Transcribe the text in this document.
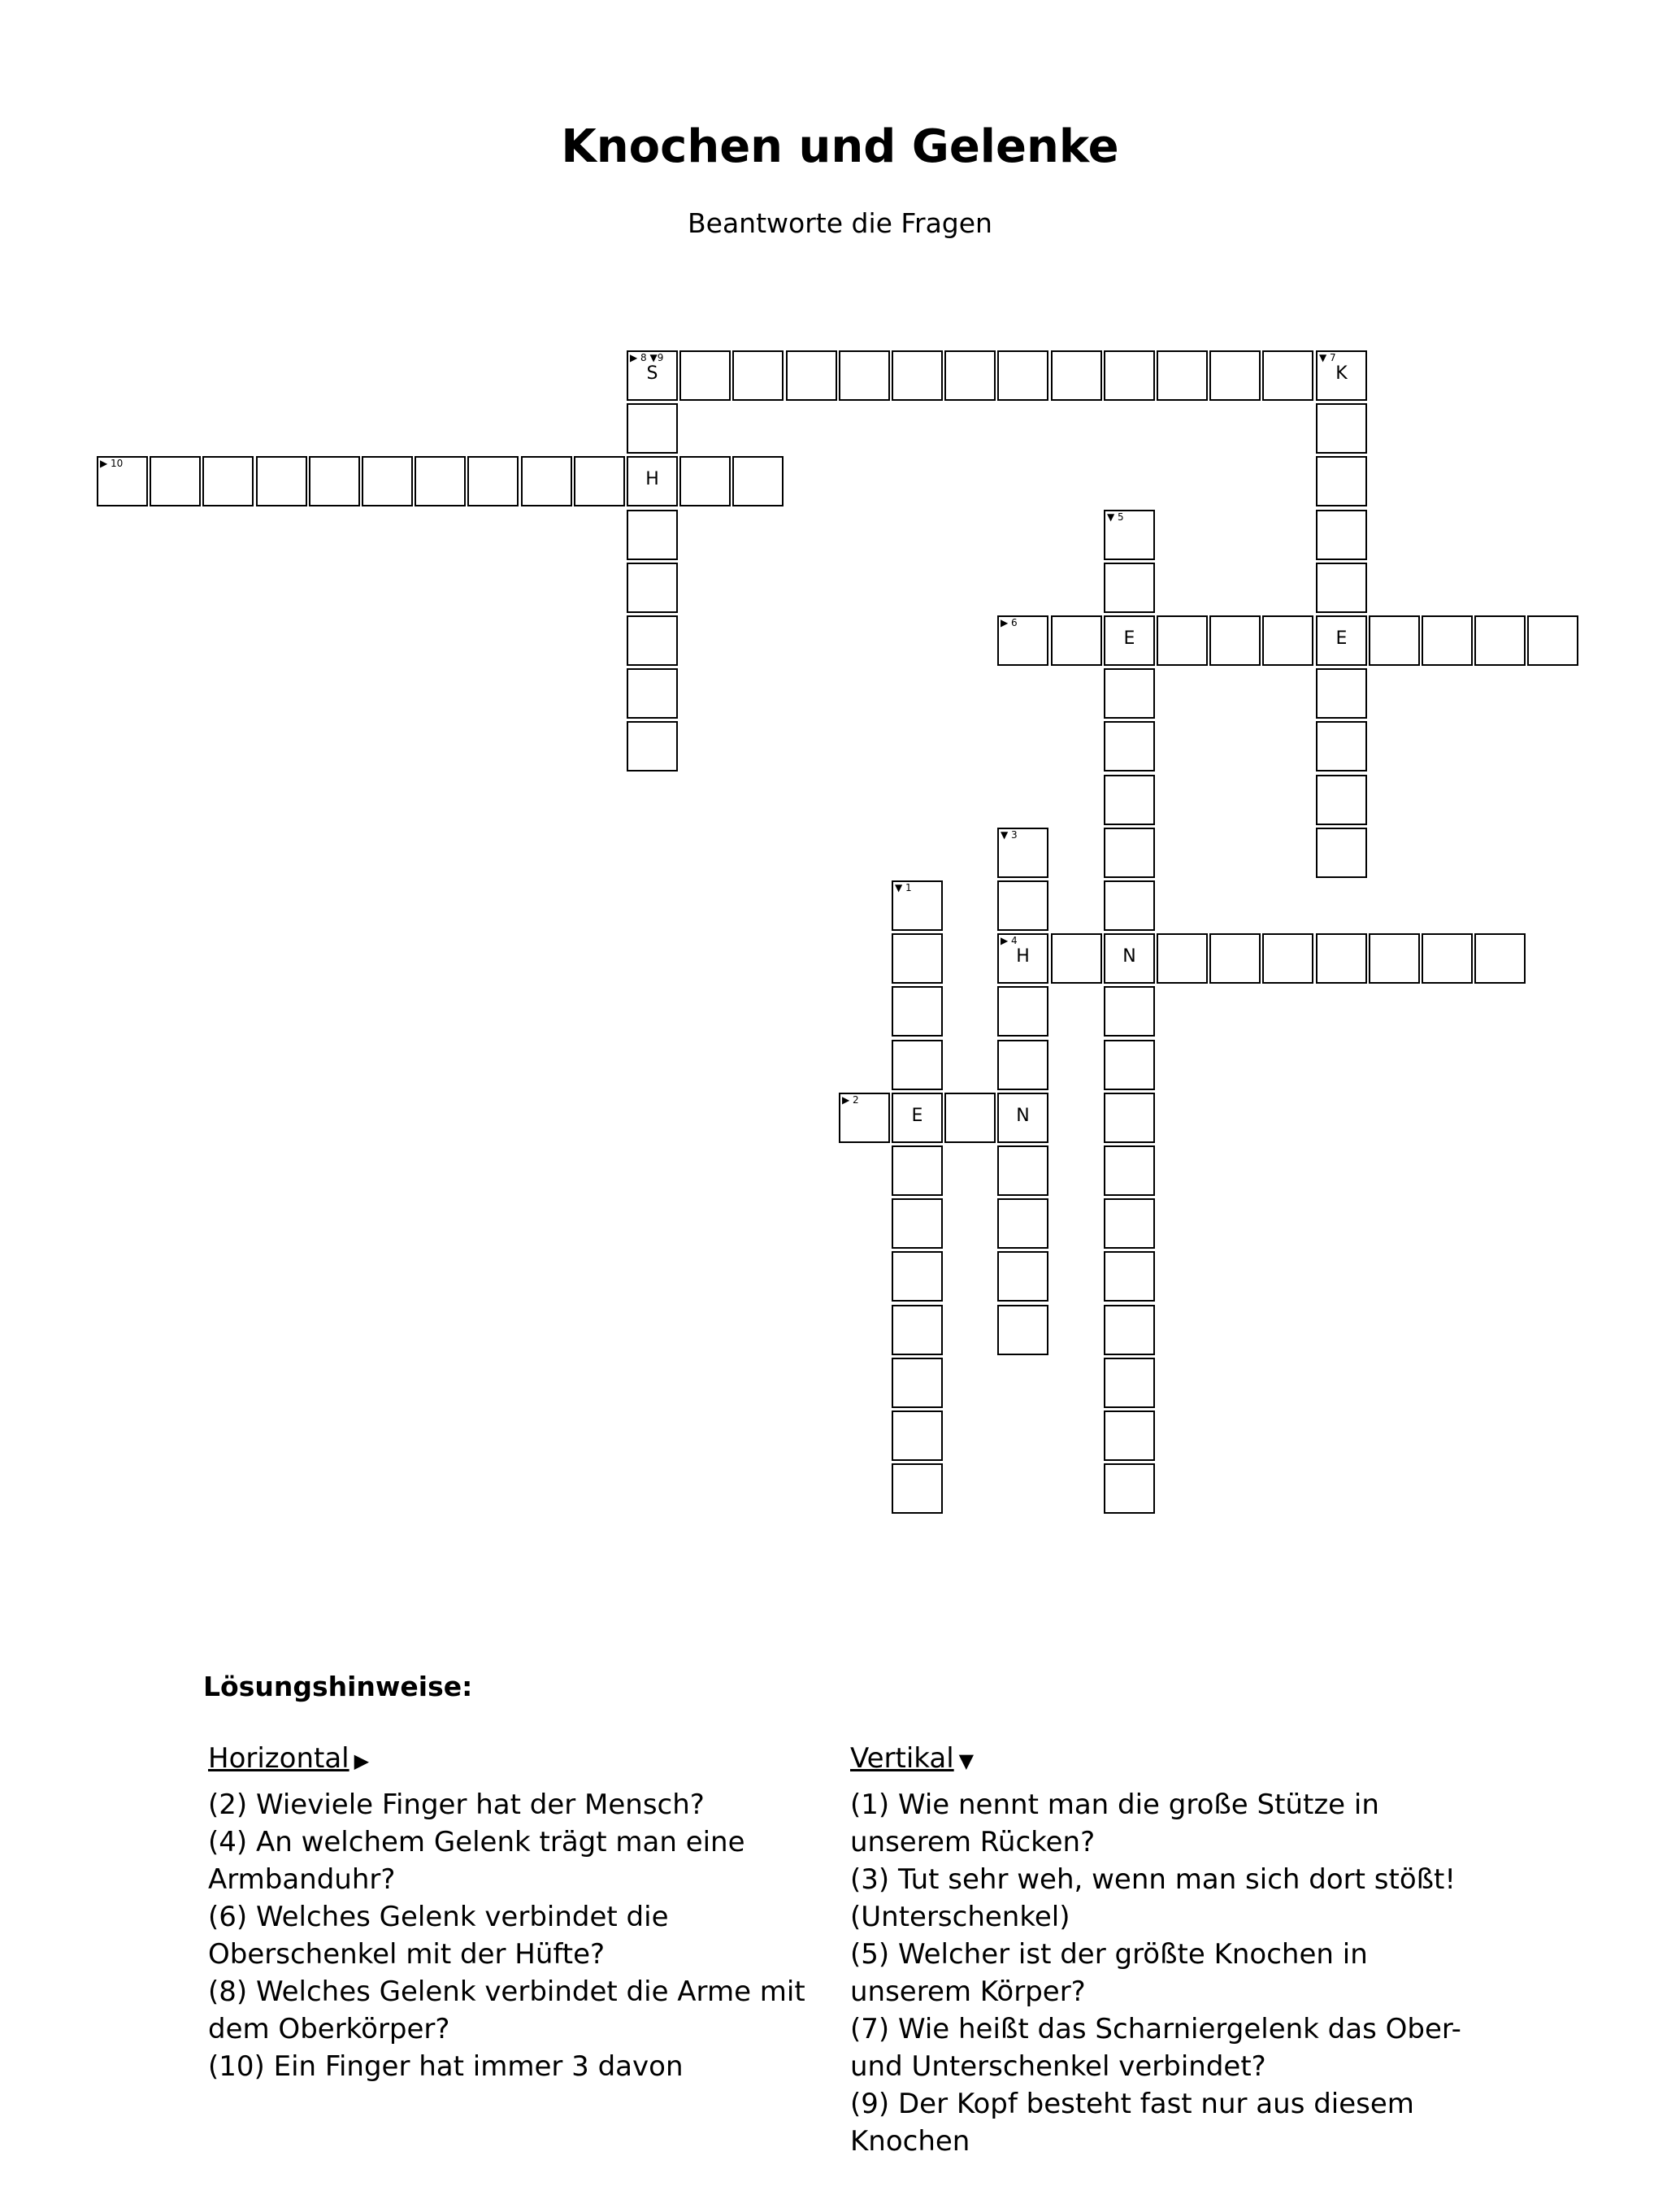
Knochen und Gelenke
Beantworte die Fragen
▶ 8 ▼9
S
▼ 7
K
▶ 10
H
▼ 5
▶ 6
E	E
▼ 3
▼ 1
▶ 4
H	N
▶ 2
E	N
Lösungshinweise:
Horizontal ▶

(2) Wieviele Finger hat der Mensch?

(4) An welchem Gelenk trägt man eine Armbanduhr?

(6) Welches Gelenk verbindet die Oberschenkel mit der Hüfte?

(8) Welches Gelenk verbindet die Arme mit dem Oberkörper?

(10) Ein Finger hat immer 3 davon

Vertikal ▼

(1) Wie nennt man die große Stütze in unserem Rücken?

(3) Tut sehr weh, wenn man sich dort stößt! (Unterschenkel)

(5) Welcher ist der größte Knochen in unserem Körper?

(7) Wie heißt das Scharniergelenk das Ober- und Unterschenkel verbindet?

(9) Der Kopf besteht fast nur aus diesem Knochen
